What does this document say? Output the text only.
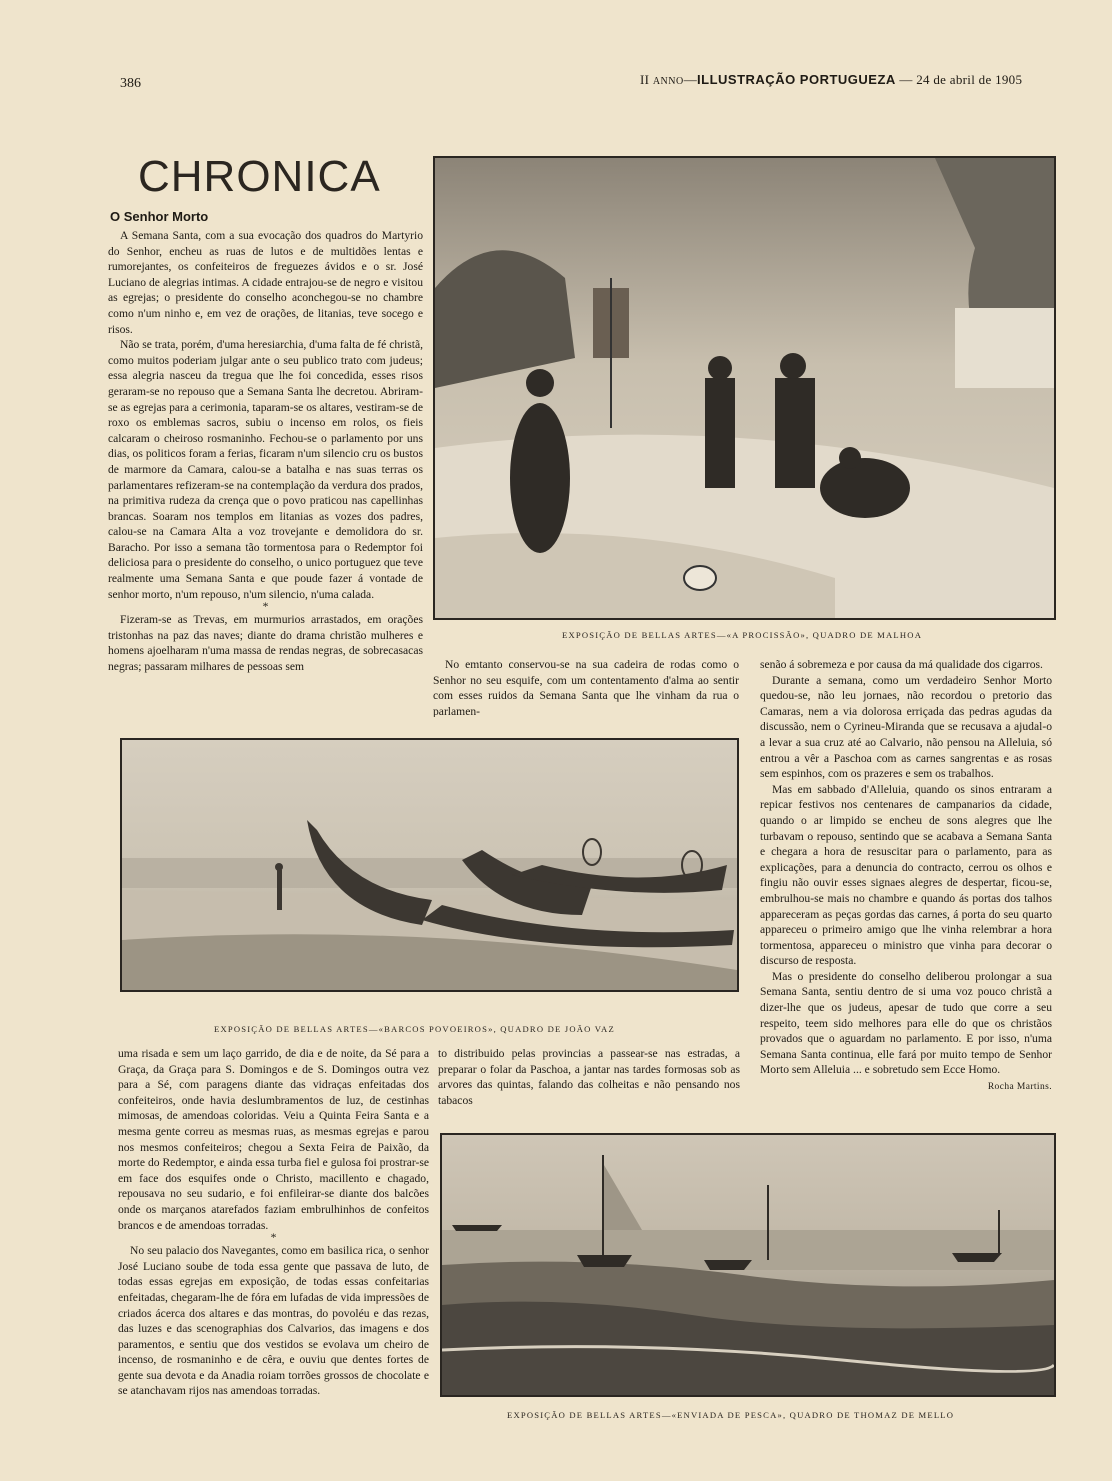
386	II ANNO—ILLUSTRAÇÃO PORTUGUEZA — 24 de abril de 1905
CHRONICA
O Senhor Morto

A Semana Santa, com a sua evocação dos quadros do Martyrio do Senhor, encheu as ruas de lutos e de multidões lentas e rumorejantes, os confeiteiros de freguezes ávidos e o sr. José Luciano de alegrias intimas. A cidade entrajou-se de negro e visitou as egrejas; o presidente do conselho aconchegou-se no chambre como n'um ninho e, em vez de orações, de litanias, teve socego e risos.

Não se trata, porém, d'uma heresiarchia, d'uma falta de fé christã, como muitos poderiam julgar ante o seu publico trato com judeus; essa alegria nasceu da tregua que lhe foi concedida, esses risos geraram-se no repouso que a Semana Santa lhe decretou. Abriram-se as egrejas para a cerimonia, taparam-se os altares, vestiram-se de roxo os emblemas sacros, subiu o incenso em rolos, os fieis calcaram o cheiroso rosmaninho. Fechou-se o parlamento por uns dias, os politicos foram a ferias, ficaram n'um silencio cru os bustos de marmore da Camara, calou-se a batalha e nas suas terras os parlamentares refizeram-se na contemplação da verdura dos prados, na primitiva rudeza da crença que o povo praticou nas capellinhas brancas. Soaram nos templos em litanias as vozes dos padres, calou-se na Camara Alta a voz trovejante e demolidora do sr. Baracho. Por isso a semana tão tormentosa para o Redemptor foi deliciosa para o presidente do conselho, o unico portuguez que teve realmente uma Semana Santa e que poude fazer á vontade de senhor morto, n'um repouso, n'um silencio, n'uma calada.

*

Fizeram-se as Trevas, em murmurios arrastados, em orações tristonhas na paz das naves; diante do drama christão mulheres e homens ajoelharam n'uma massa de rendas negras, de sobrecasacas negras; passaram milhares de pessoas sem

EXPOSIÇÃO DE BELLAS ARTES—«A PROCISSÃO», QUADRO DE MALHOA

No emtanto conservou-se na sua cadeira de rodas como o Senhor no seu esquife, com um contentamento d'alma ao sentir com esses ruidos da Semana Santa que lhe vinham da rua o parlamen-

senão á sobremeza e por causa da má qualidade dos cigarros.

Durante a semana, como um verdadeiro Senhor Morto quedou-se, não leu jornaes, não recordou o pretorio das Camaras, nem a via dolorosa erriçada das pedras agudas da discussão, nem o Cyrineu-Miranda que se recusava a ajudal-o a levar a sua cruz até ao Calvario, não pensou na Alleluia, só entrou a vêr a Paschoa com as carnes sangrentas e as rosas sem espinhos, com os prazeres e sem os trabalhos.

Mas em sabbado d'Alleluia, quando os sinos entraram a repicar festivos nos centenares de campanarios da cidade, quando o ar limpido se encheu de sons alegres que lhe turbavam o repouso, sentindo que se acabava a Semana Santa e chegara a hora de resuscitar para o parlamento, para as explicações, para a denuncia do contracto, cerrou os olhos e fingiu não ouvir esses signaes alegres de despertar, ficou-se, embrulhou-se mais no chambre e quando ás portas dos talhos appareceram as peças gordas das carnes, á porta do seu quarto appareceu o primeiro amigo que lhe vinha relembrar a hora tormentosa, appareceu o ministro que vinha para decorar o discurso de resposta.

Mas o presidente do conselho deliberou prolongar a sua Semana Santa, sentiu dentro de si uma voz pouco christã a dizer-lhe que os judeus, apesar de tudo que corre a seu respeito, teem sido melhores para elle do que os christãos provados que o aguardam no parlamento. E por isso, n'uma Semana Santa continua, elle fará por muito tempo de Senhor Morto sem Alleluia ... e sobretudo sem Ecce Homo.

Rocha Martins.

EXPOSIÇÃO DE BELLAS ARTES—«BARCOS POVOEIROS», QUADRO DE JOÃO VAZ

uma risada e sem um laço garrido, de dia e de noite, da Sé para a Graça, da Graça para S. Domingos e de S. Domingos outra vez para a Sé, com paragens diante das vidraças enfeitadas dos confeiteiros, onde havia deslumbramentos de luz, de cestinhas mimosas, de amendoas coloridas. Veiu a Quinta Feira Santa e a mesma gente correu as mesmas ruas, as mesmas egrejas e parou nos mesmos confeiteiros; chegou a Sexta Feira de Paixão, da morte do Redemptor, e ainda essa turba fiel e gulosa foi prostrar-se em face dos esquifes onde o Christo, macillento e chagado, repousava no seu sudario, e foi enfileirar-se diante dos balcões onde os marçanos atarefados faziam embrulhinhos de confeitos brancos e de amendoas torradas.

*

No seu palacio dos Navegantes, como em basilica rica, o senhor José Luciano soube de toda essa gente que passava de luto, de todas essas egrejas em exposição, de todas essas confeitarias enfeitadas, chegaram-lhe de fóra em lufadas de vida impressões de criados ácerca dos altares e das montras, do povoléu e das rezas, das luzes e das scenographias dos Calvarios, das imagens e dos paramentos, e sentiu que dos vestidos se evolava um cheiro de incenso, de rosmaninho e de cêra, e ouviu que dentes fortes de gente sua devota e da Anadia roiam torrões grossos de chocolate e se atanchavam rijos nas amendoas torradas.

to distribuido pelas provincias a passear-se nas estradas, a preparar o folar da Paschoa, a jantar nas tardes formosas sob as arvores das quintas, falando das colheitas e não pensando nos tabacos

EXPOSIÇÃO DE BELLAS ARTES—«ENVIADA DE PESCA», QUADRO DE THOMAZ DE MELLO
